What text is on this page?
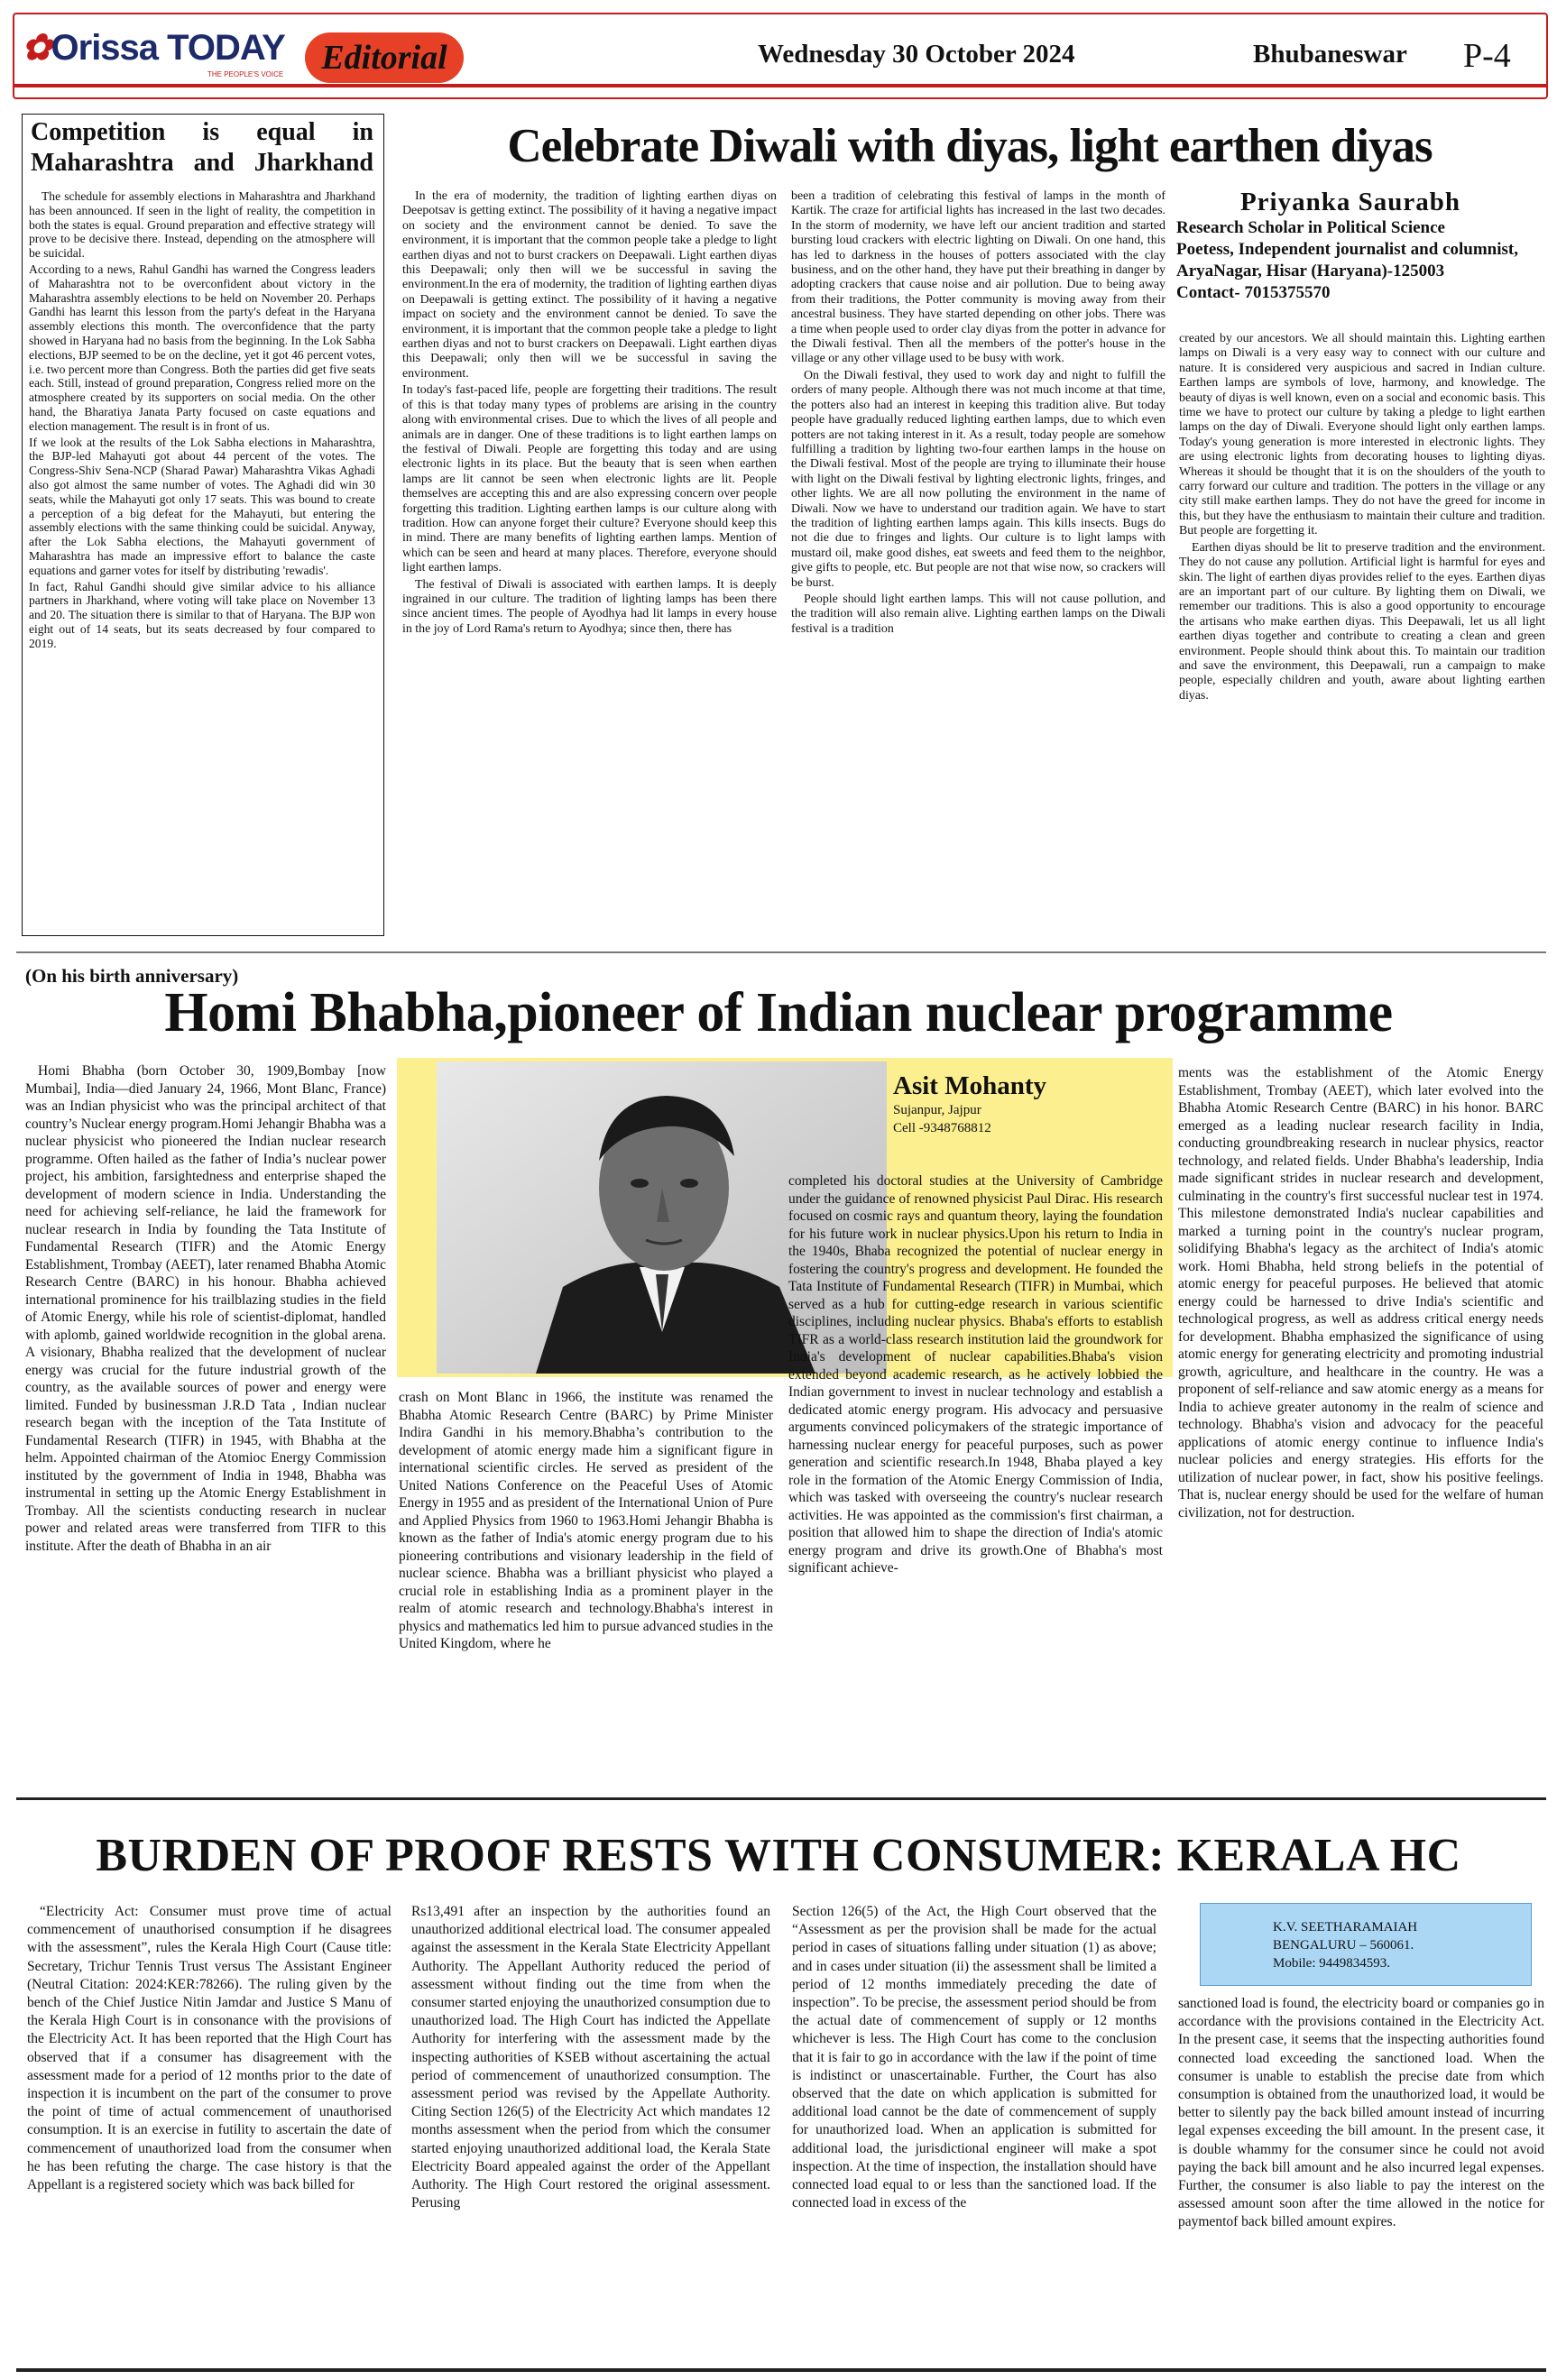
✿Orissa TODAY
THE PEOPLE'S VOICE	Editorial	Wednesday 30 October 2024	Bhubaneswar P-4
Competition is equal in Maharashtra and Jharkhand

The schedule for assembly elections in Maharashtra and Jharkhand has been announced. If seen in the light of reality, the competition in both the states is equal. Ground preparation and effective strategy will prove to be decisive there. Instead, depending on the atmosphere will be suicidal.

According to a news, Rahul Gandhi has warned the Congress leaders of Maharashtra not to be overconfident about victory in the Maharashtra assembly elections to be held on November 20. Perhaps Gandhi has learnt this lesson from the party's defeat in the Haryana assembly elections this month. The overconfidence that the party showed in Haryana had no basis from the beginning. In the Lok Sabha elections, BJP seemed to be on the decline, yet it got 46 percent votes, i.e. two percent more than Congress. Both the parties did get five seats each. Still, instead of ground preparation, Congress relied more on the atmosphere created by its supporters on social media. On the other hand, the Bharatiya Janata Party focused on caste equations and election management. The result is in front of us.

If we look at the results of the Lok Sabha elections in Maharashtra, the BJP-led Mahayuti got about 44 percent of the votes. The Congress-Shiv Sena-NCP (Sharad Pawar) Maharashtra Vikas Aghadi also got almost the same number of votes. The Aghadi did win 30 seats, while the Mahayuti got only 17 seats. This was bound to create a perception of a big defeat for the Mahayuti, but entering the assembly elections with the same thinking could be suicidal. Anyway, after the Lok Sabha elections, the Mahayuti government of Maharashtra has made an impressive effort to balance the caste equations and garner votes for itself by distributing 'rewadis'.

In fact, Rahul Gandhi should give similar advice to his alliance partners in Jharkhand, where voting will take place on November 13 and 20. The situation there is similar to that of Haryana. The BJP won eight out of 14 seats, but its seats decreased by four compared to 2019.

Celebrate Diwali with diyas, light earthen diyas
Priyanka Saurabh
Research Scholar in Political Science
Poetess, Independent journalist and columnist,
AryaNagar, Hisar (Haryana)-125003
Contact- 7015375570

In the era of modernity, the tradition of lighting earthen diyas on Deepotsav is getting extinct. The possibility of it having a negative impact on society and the environment cannot be denied. To save the environment, it is important that the common people take a pledge to light earthen diyas and not to burst crackers on Deepawali. Light earthen diyas this Deepawali; only then will we be successful in saving the environment.In the era of modernity, the tradition of lighting earthen diyas on Deepawali is getting extinct. The possibility of it having a negative impact on society and the environment cannot be denied. To save the environment, it is important that the common people take a pledge to light earthen diyas and not to burst crackers on Deepawali. Light earthen diyas this Deepawali; only then will we be successful in saving the environment.

In today's fast-paced life, people are forgetting their traditions. The result of this is that today many types of problems are arising in the country along with environmental crises. Due to which the lives of all people and animals are in danger. One of these traditions is to light earthen lamps on the festival of Diwali. People are forgetting this today and are using electronic lights in its place. But the beauty that is seen when earthen lamps are lit cannot be seen when electronic lights are lit. People themselves are accepting this and are also expressing concern over people forgetting this tradition. Lighting earthen lamps is our culture along with tradition. How can anyone forget their culture? Everyone should keep this in mind. There are many benefits of lighting earthen lamps. Mention of which can be seen and heard at many places. Therefore, everyone should light earthen lamps.

The festival of Diwali is associated with earthen lamps. It is deeply ingrained in our culture. The tradition of lighting lamps has been there since ancient times. The people of Ayodhya had lit lamps in every house in the joy of Lord Rama's return to Ayodhya; since then, there has

been a tradition of celebrating this festival of lamps in the month of Kartik. The craze for artificial lights has increased in the last two decades. In the storm of modernity, we have left our ancient tradition and started bursting loud crackers with electric lighting on Diwali. On one hand, this has led to darkness in the houses of potters associated with the clay business, and on the other hand, they have put their breathing in danger by adopting crackers that cause noise and air pollution. Due to being away from their traditions, the Potter community is moving away from their ancestral business. They have started depending on other jobs. There was a time when people used to order clay diyas from the potter in advance for the Diwali festival. Then all the members of the potter's house in the village or any other village used to be busy with work.

On the Diwali festival, they used to work day and night to fulfill the orders of many people. Although there was not much income at that time, the potters also had an interest in keeping this tradition alive. But today people have gradually reduced lighting earthen lamps, due to which even potters are not taking interest in it. As a result, today people are somehow fulfilling a tradition by lighting two-four earthen lamps in the house on the Diwali festival. Most of the people are trying to illuminate their house with light on the Diwali festival by lighting electronic lights, fringes, and other lights. We are all now polluting the environment in the name of Diwali. Now we have to understand our tradition again. We have to start the tradition of lighting earthen lamps again. This kills insects. Bugs do not die due to fringes and lights. Our culture is to light lamps with mustard oil, make good dishes, eat sweets and feed them to the neighbor, give gifts to people, etc. But people are not that wise now, so crackers will be burst.

People should light earthen lamps. This will not cause pollution, and the tradition will also remain alive. Lighting earthen lamps on the Diwali festival is a tradition

created by our ancestors. We all should maintain this. Lighting earthen lamps on Diwali is a very easy way to connect with our culture and nature. It is considered very auspicious and sacred in Indian culture. Earthen lamps are symbols of love, harmony, and knowledge. The beauty of diyas is well known, even on a social and economic basis. This time we have to protect our culture by taking a pledge to light earthen lamps on the day of Diwali. Everyone should light only earthen lamps. Today's young generation is more interested in electronic lights. They are using electronic lights from decorating houses to lighting diyas. Whereas it should be thought that it is on the shoulders of the youth to carry forward our culture and tradition. The potters in the village or any city still make earthen lamps. They do not have the greed for income in this, but they have the enthusiasm to maintain their culture and tradition. But people are forgetting it.

Earthen diyas should be lit to preserve tradition and the environment. They do not cause any pollution. Artificial light is harmful for eyes and skin. The light of earthen diyas provides relief to the eyes. Earthen diyas are an important part of our culture. By lighting them on Diwali, we remember our traditions. This is also a good opportunity to encourage the artisans who make earthen diyas. This Deepawali, let us all light earthen diyas together and contribute to creating a clean and green environment. People should think about this. To maintain our tradition and save the environment, this Deepawali, run a campaign to make people, especially children and youth, aware about lighting earthen diyas.

(On his birth anniversary)
Homi Bhabha,pioneer of Indian nuclear programme
Asit Mohanty
Sujanpur, Jajpur
Cell -9348768812

Homi Bhabha (born October 30, 1909,Bombay [now Mumbai], India—died January 24, 1966, Mont Blanc, France) was an Indian physicist who was the principal architect of that country’s Nuclear energy program.Homi Jehangir Bhabha was a nuclear physicist who pioneered the Indian nuclear research programme. Often hailed as the father of India’s nuclear power project, his ambition, farsightedness and enterprise shaped the development of modern science in India. Understanding the need for achieving self-reliance, he laid the framework for nuclear research in India by founding the Tata Institute of Fundamental Research (TIFR) and the Atomic Energy Establishment, Trombay (AEET), later renamed Bhabha Atomic Research Centre (BARC) in his honour. Bhabha achieved international prominence for his trailblazing studies in the field of Atomic Energy, while his role of scientist-diplomat, handled with aplomb, gained worldwide recognition in the global arena. A visionary, Bhabha realized that the development of nuclear energy was crucial for the future industrial growth of the country, as the available sources of power and energy were limited. Funded by businessman J.R.D Tata , Indian nuclear research began with the inception of the Tata Institute of Fundamental Research (TIFR) in 1945, with Bhabha at the helm. Appointed chairman of the Atomioc Energy Commission instituted by the government of India in 1948, Bhabha was instrumental in setting up the Atomic Energy Establishment in Trombay. All the scientists conducting research in nuclear power and related areas were transferred from TIFR to this institute. After the death of Bhabha in an air

crash on Mont Blanc in 1966, the institute was renamed the Bhabha Atomic Research Centre (BARC) by Prime Minister Indira Gandhi in his memory.Bhabha’s contribution to the development of atomic energy made him a significant figure in international scientific circles. He served as president of the United Nations Conference on the Peaceful Uses of Atomic Energy in 1955 and as president of the International Union of Pure and Applied Physics from 1960 to 1963.Homi Jehangir Bhabha is known as the father of India's atomic energy program due to his pioneering contributions and visionary leadership in the field of nuclear science. Bhabha was a brilliant physicist who played a crucial role in establishing India as a prominent player in the realm of atomic research and technology.Bhabha's interest in physics and mathematics led him to pursue advanced studies in the United Kingdom, where he

completed his doctoral studies at the University of Cambridge under the guidance of renowned physicist Paul Dirac. His research focused on cosmic rays and quantum theory, laying the foundation for his future work in nuclear physics.Upon his return to India in the 1940s, Bhaba recognized the potential of nuclear energy in fostering the country's progress and development. He founded the Tata Institute of Fundamental Research (TIFR) in Mumbai, which served as a hub for cutting-edge research in various scientific disciplines, including nuclear physics. Bhaba's efforts to establish TIFR as a world-class research institution laid the groundwork for India's development of nuclear capabilities.Bhaba's vision extended beyond academic research, as he actively lobbied the Indian government to invest in nuclear technology and establish a dedicated atomic energy program. His advocacy and persuasive arguments convinced policymakers of the strategic importance of harnessing nuclear energy for peaceful purposes, such as power generation and scientific research.In 1948, Bhaba played a key role in the formation of the Atomic Energy Commission of India, which was tasked with overseeing the country's nuclear research activities. He was appointed as the commission's first chairman, a position that allowed him to shape the direction of India's atomic energy program and drive its growth.One of Bhabha's most significant achieve-

ments was the establishment of the Atomic Energy Establishment, Trombay (AEET), which later evolved into the Bhabha Atomic Research Centre (BARC) in his honor. BARC emerged as a leading nuclear research facility in India, conducting groundbreaking research in nuclear physics, reactor technology, and related fields. Under Bhabha's leadership, India made significant strides in nuclear research and development, culminating in the country's first successful nuclear test in 1974. This milestone demonstrated India's nuclear capabilities and marked a turning point in the country's nuclear program, solidifying Bhabha's legacy as the architect of India's atomic work. Homi Bhabha, held strong beliefs in the potential of atomic energy for peaceful purposes. He believed that atomic energy could be harnessed to drive India's scientific and technological progress, as well as address critical energy needs for development. Bhabha emphasized the significance of using atomic energy for generating electricity and promoting industrial growth, agriculture, and healthcare in the country. He was a proponent of self-reliance and saw atomic energy as a means for India to achieve greater autonomy in the realm of science and technology. Bhabha's vision and advocacy for the peaceful applications of atomic energy continue to influence India's nuclear policies and energy strategies. His efforts for the utilization of nuclear power, in fact, show his positive feelings. That is, nuclear energy should be used for the welfare of human civilization, not for destruction.

BURDEN OF PROOF RESTS WITH CONSUMER: KERALA HC
K.V. SEETHARAMAIAH
BENGALURU – 560061.
Mobile: 9449834593.

“Electricity Act: Consumer must prove time of actual commencement of unauthorised consumption if he disagrees with the assessment”, rules the Kerala High Court (Cause title: Secretary, Trichur Tennis Trust versus The Assistant Engineer (Neutral Citation: 2024:KER:78266). The ruling given by the bench of the Chief Justice Nitin Jamdar and Justice S Manu of the Kerala High Court is in consonance with the provisions of the Electricity Act. It has been reported that the High Court has observed that if a consumer has disagreement with the assessment made for a period of 12 months prior to the date of inspection it is incumbent on the part of the consumer to prove the point of time of actual commencement of unauthorised consumption. It is an exercise in futility to ascertain the date of commencement of unauthorized load from the consumer when he has been refuting the charge. The case history is that the Appellant is a registered society which was back billed for

Rs13,491 after an inspection by the authorities found an unauthorized additional electrical load. The consumer appealed against the assessment in the Kerala State Electricity Appellant Authority. The Appellant Authority reduced the period of assessment without finding out the time from when the consumer started enjoying the unauthorized consumption due to unauthorized load. The High Court has indicted the Appellate Authority for interfering with the assessment made by the inspecting authorities of KSEB without ascertaining the actual period of commencement of unauthorized consumption. The assessment period was revised by the Appellate Authority. Citing Section 126(5) of the Electricity Act which mandates 12 months assessment when the period from which the consumer started enjoying unauthorized additional load, the Kerala State Electricity Board appealed against the order of the Appellant Authority. The High Court restored the original assessment. Perusing

Section 126(5) of the Act, the High Court observed that the “Assessment as per the provision shall be made for the actual period in cases of situations falling under situation (1) as above; and in cases under situation (ii) the assessment shall be limited a period of 12 months immediately preceding the date of inspection”. To be precise, the assessment period should be from the actual date of commencement of supply or 12 months whichever is less. The High Court has come to the conclusion that it is fair to go in accordance with the law if the point of time is indistinct or unascertainable. Further, the Court has also observed that the date on which application is submitted for additional load cannot be the date of commencement of supply for unauthorized load. When an application is submitted for additional load, the jurisdictional engineer will make a spot inspection. At the time of inspection, the installation should have connected load equal to or less than the sanctioned load. If the connected load in excess of the

sanctioned load is found, the electricity board or companies go in accordance with the provisions contained in the Electricity Act. In the present case, it seems that the inspecting authorities found connected load exceeding the sanctioned load. When the consumer is unable to establish the precise date from which consumption is obtained from the unauthorized load, it would be better to silently pay the back billed amount instead of incurring legal expenses exceeding the bill amount. In the present case, it is double whammy for the consumer since he could not avoid paying the back bill amount and he also incurred legal expenses. Further, the consumer is also liable to pay the interest on the assessed amount soon after the time allowed in the notice for paymentof back billed amount expires.
